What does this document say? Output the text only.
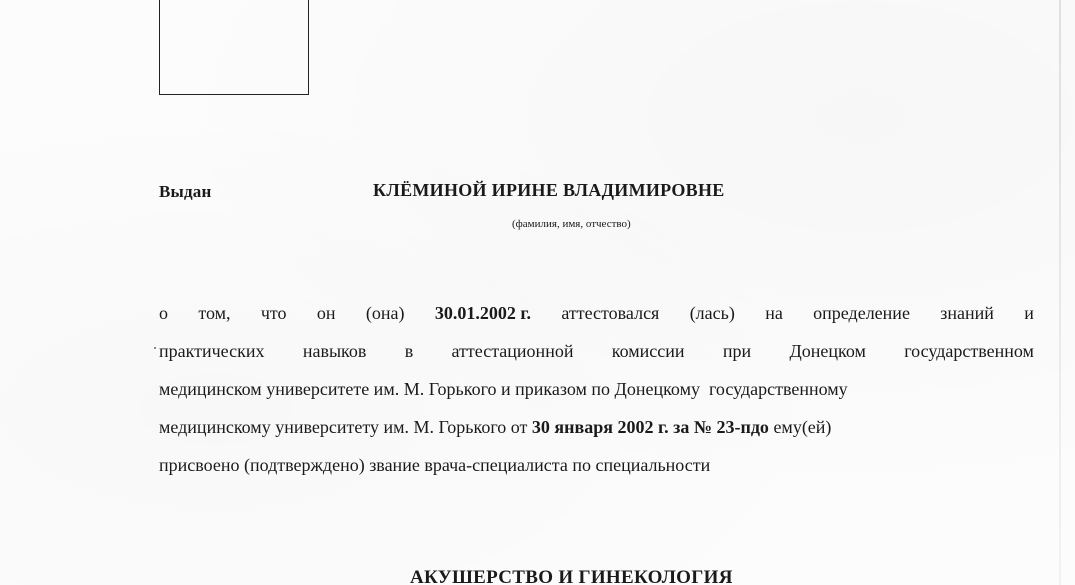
Выдан	КЛЁМИНОЙ ИРИНЕ ВЛАДИМИРОВНЕ
(фамилия, имя, отчество)
о том, что он (она) 30.01.2002 г. аттестовался (лась) на определение знаний и
практических навыков в аттестационной комиссии при Донецком государственном
медицинском университете им. М. Горького и приказом по Донецкому  государственному
медицинскому университету им. М. Горького от 30 января 2002 г. за № 23-пдо ему(ей)
присвоено (подтверждено) звание врача-специалиста по специальности
АКУШЕРСТВО И ГИНЕКОЛОГИЯ
